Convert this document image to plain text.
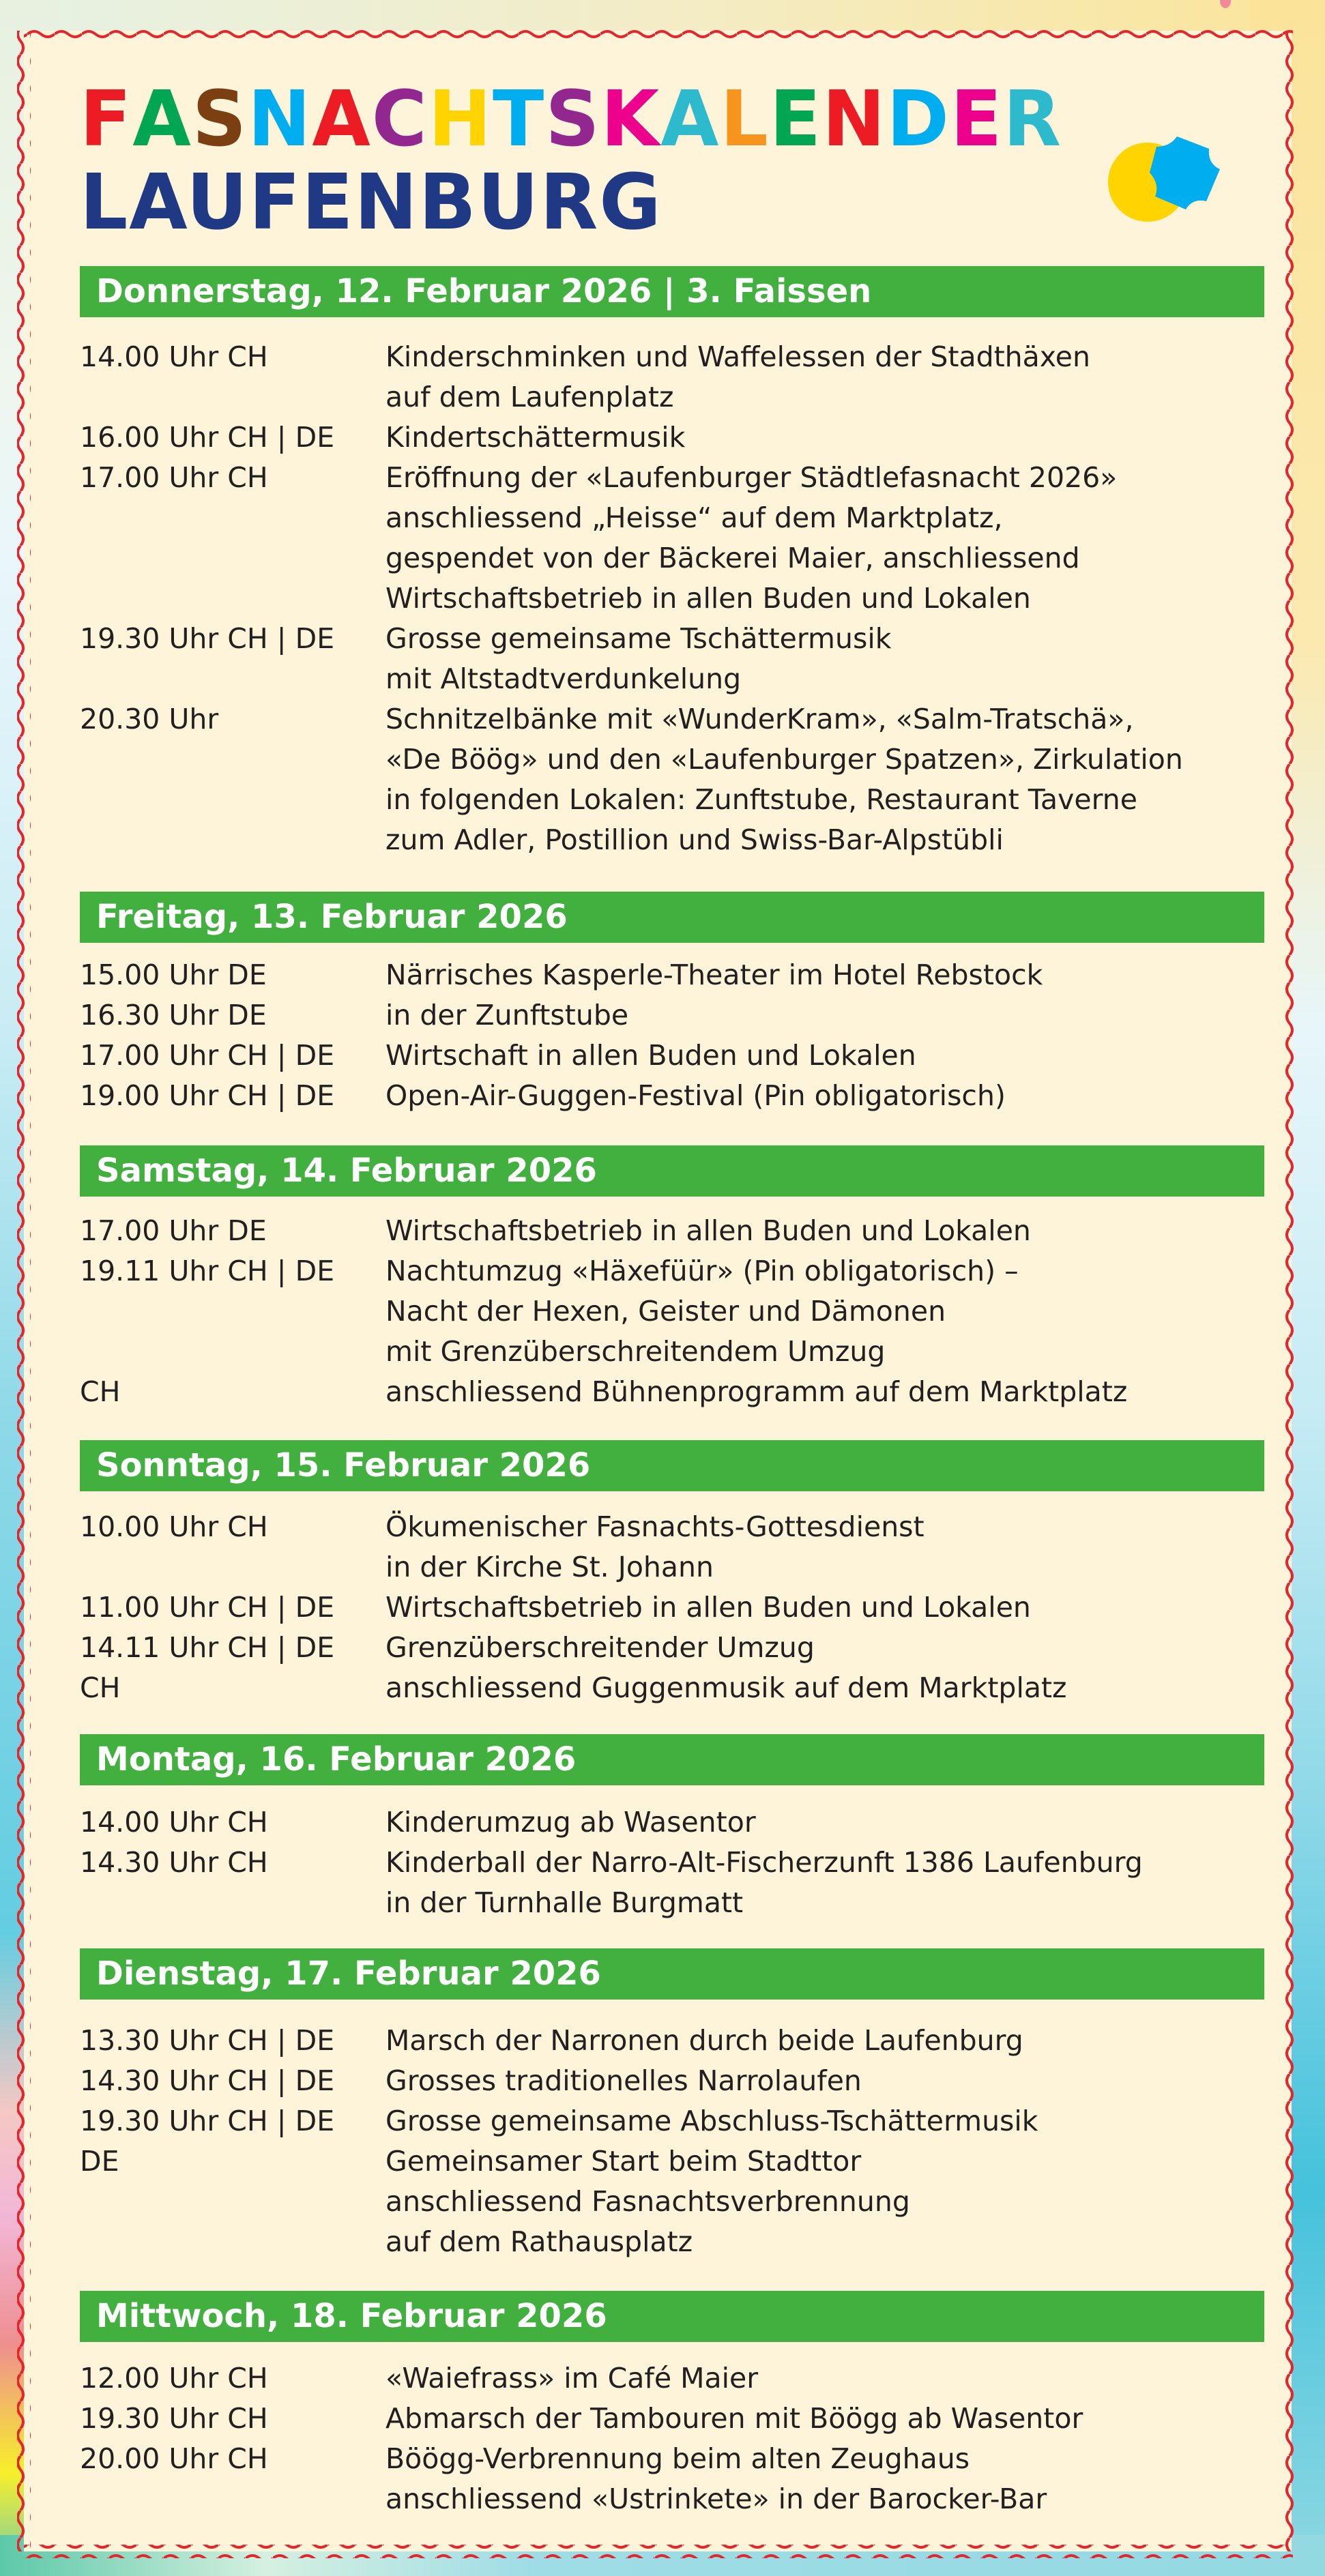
FASNACHTSKALENDER
LAUFENBURG
Donnerstag, 12. Februar 2026 | 3. Faissen
14.00 Uhr CH	Kinderschminken und Waffelessen der Stadthäxen
auf dem Laufenplatz
16.00 Uhr CH | DE	Kindertschättermusik
17.00 Uhr CH	Eröffnung der «Laufenburger Städtlefasnacht 2026»
anschliessend „Heisse“ auf dem Marktplatz,
gespendet von der Bäckerei Maier, anschliessend
Wirtschaftsbetrieb in allen Buden und Lokalen
19.30 Uhr CH | DE	Grosse gemeinsame Tschättermusik
mit Altstadtverdunkelung
20.30 Uhr	Schnitzelbänke mit «WunderKram», «Salm-Tratschä»,
«De Böög» und den «Laufenburger Spatzen», Zirkulation
in folgenden Lokalen: Zunftstube, Restaurant Taverne
zum Adler, Postillion und Swiss-Bar-Alpstübli
Freitag, 13. Februar 2026
15.00 Uhr DE	Närrisches Kasperle-Theater im Hotel Rebstock
16.30 Uhr DE	in der Zunftstube
17.00 Uhr CH | DE	Wirtschaft in allen Buden und Lokalen
19.00 Uhr CH | DE	Open-Air-Guggen-Festival (Pin obligatorisch)
Samstag, 14. Februar 2026
17.00 Uhr DE	Wirtschaftsbetrieb in allen Buden und Lokalen
19.11 Uhr CH | DE	Nachtumzug «Häxefüür» (Pin obligatorisch) –
Nacht der Hexen, Geister und Dämonen
mit Grenzüberschreitendem Umzug
CH	anschliessend Bühnenprogramm auf dem Marktplatz
Sonntag, 15. Februar 2026
10.00 Uhr CH	Ökumenischer Fasnachts-Gottesdienst
in der Kirche St. Johann
11.00 Uhr CH | DE	Wirtschaftsbetrieb in allen Buden und Lokalen
14.11 Uhr CH | DE	Grenzüberschreitender Umzug
CH	anschliessend Guggenmusik auf dem Marktplatz
Montag, 16. Februar 2026
14.00 Uhr CH	Kinderumzug ab Wasentor
14.30 Uhr CH	Kinderball der Narro-Alt-Fischerzunft 1386 Laufenburg
in der Turnhalle Burgmatt
Dienstag, 17. Februar 2026
13.30 Uhr CH | DE	Marsch der Narronen durch beide Laufenburg
14.30 Uhr CH | DE	Grosses traditionelles Narrolaufen
19.30 Uhr CH | DE	Grosse gemeinsame Abschluss-Tschättermusik
DE	Gemeinsamer Start beim Stadttor
anschliessend Fasnachtsverbrennung
auf dem Rathausplatz
Mittwoch, 18. Februar 2026
12.00 Uhr CH	«Waiefrass» im Café Maier
19.30 Uhr CH	Abmarsch der Tambouren mit Böögg ab Wasentor
20.00 Uhr CH	Böögg-Verbrennung beim alten Zeughaus
anschliessend «Ustrinkete» in der Barocker-Bar
